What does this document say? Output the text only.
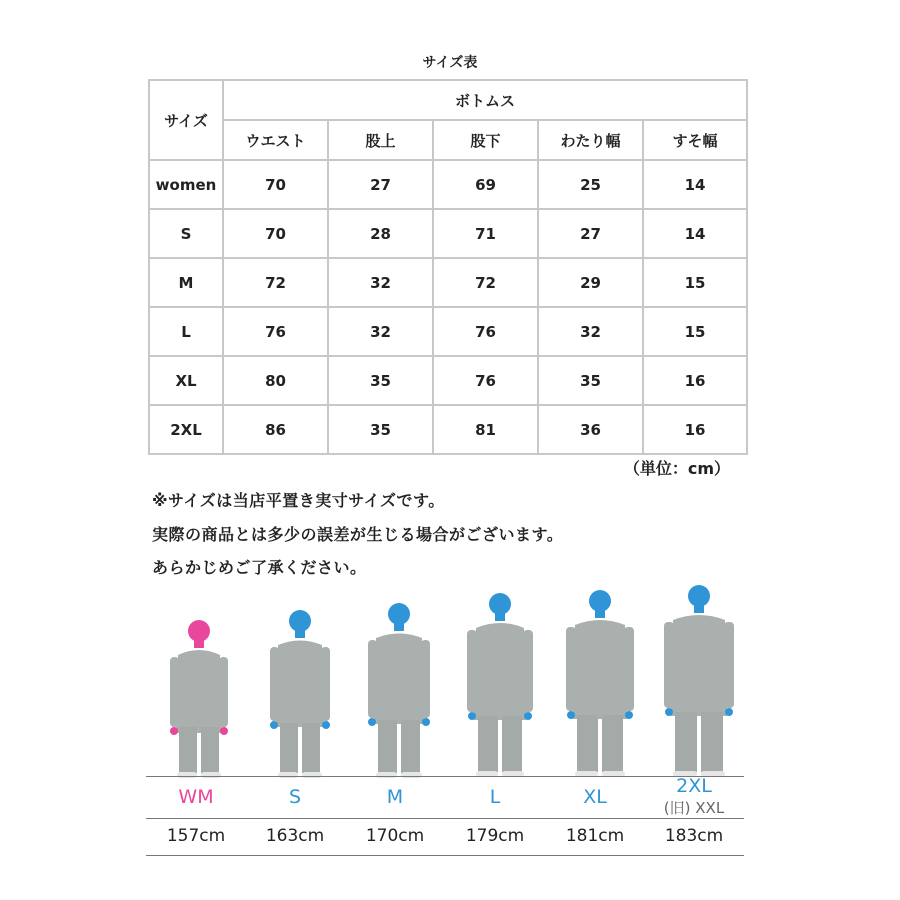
サイズ表
サイズ	ボトムス				
	ウエスト	股上	股下	わたり幅	すそ幅
women	70	27	69	25	14
S	70	28	71	27	14
M	72	32	72	29	15
L	76	32	76	32	15
XL	80	35	76	35	16
2XL	86	35	81	36	16
（単位：cm）
※サイズは当店平置き実寸サイズです。
実際の商品とは多少の誤差が生じる場合がございます。
あらかじめご了承ください。
WM	S	M	L	XL	2XL
(旧) XXL
157cm	163cm	170cm	179cm	181cm	183cm
